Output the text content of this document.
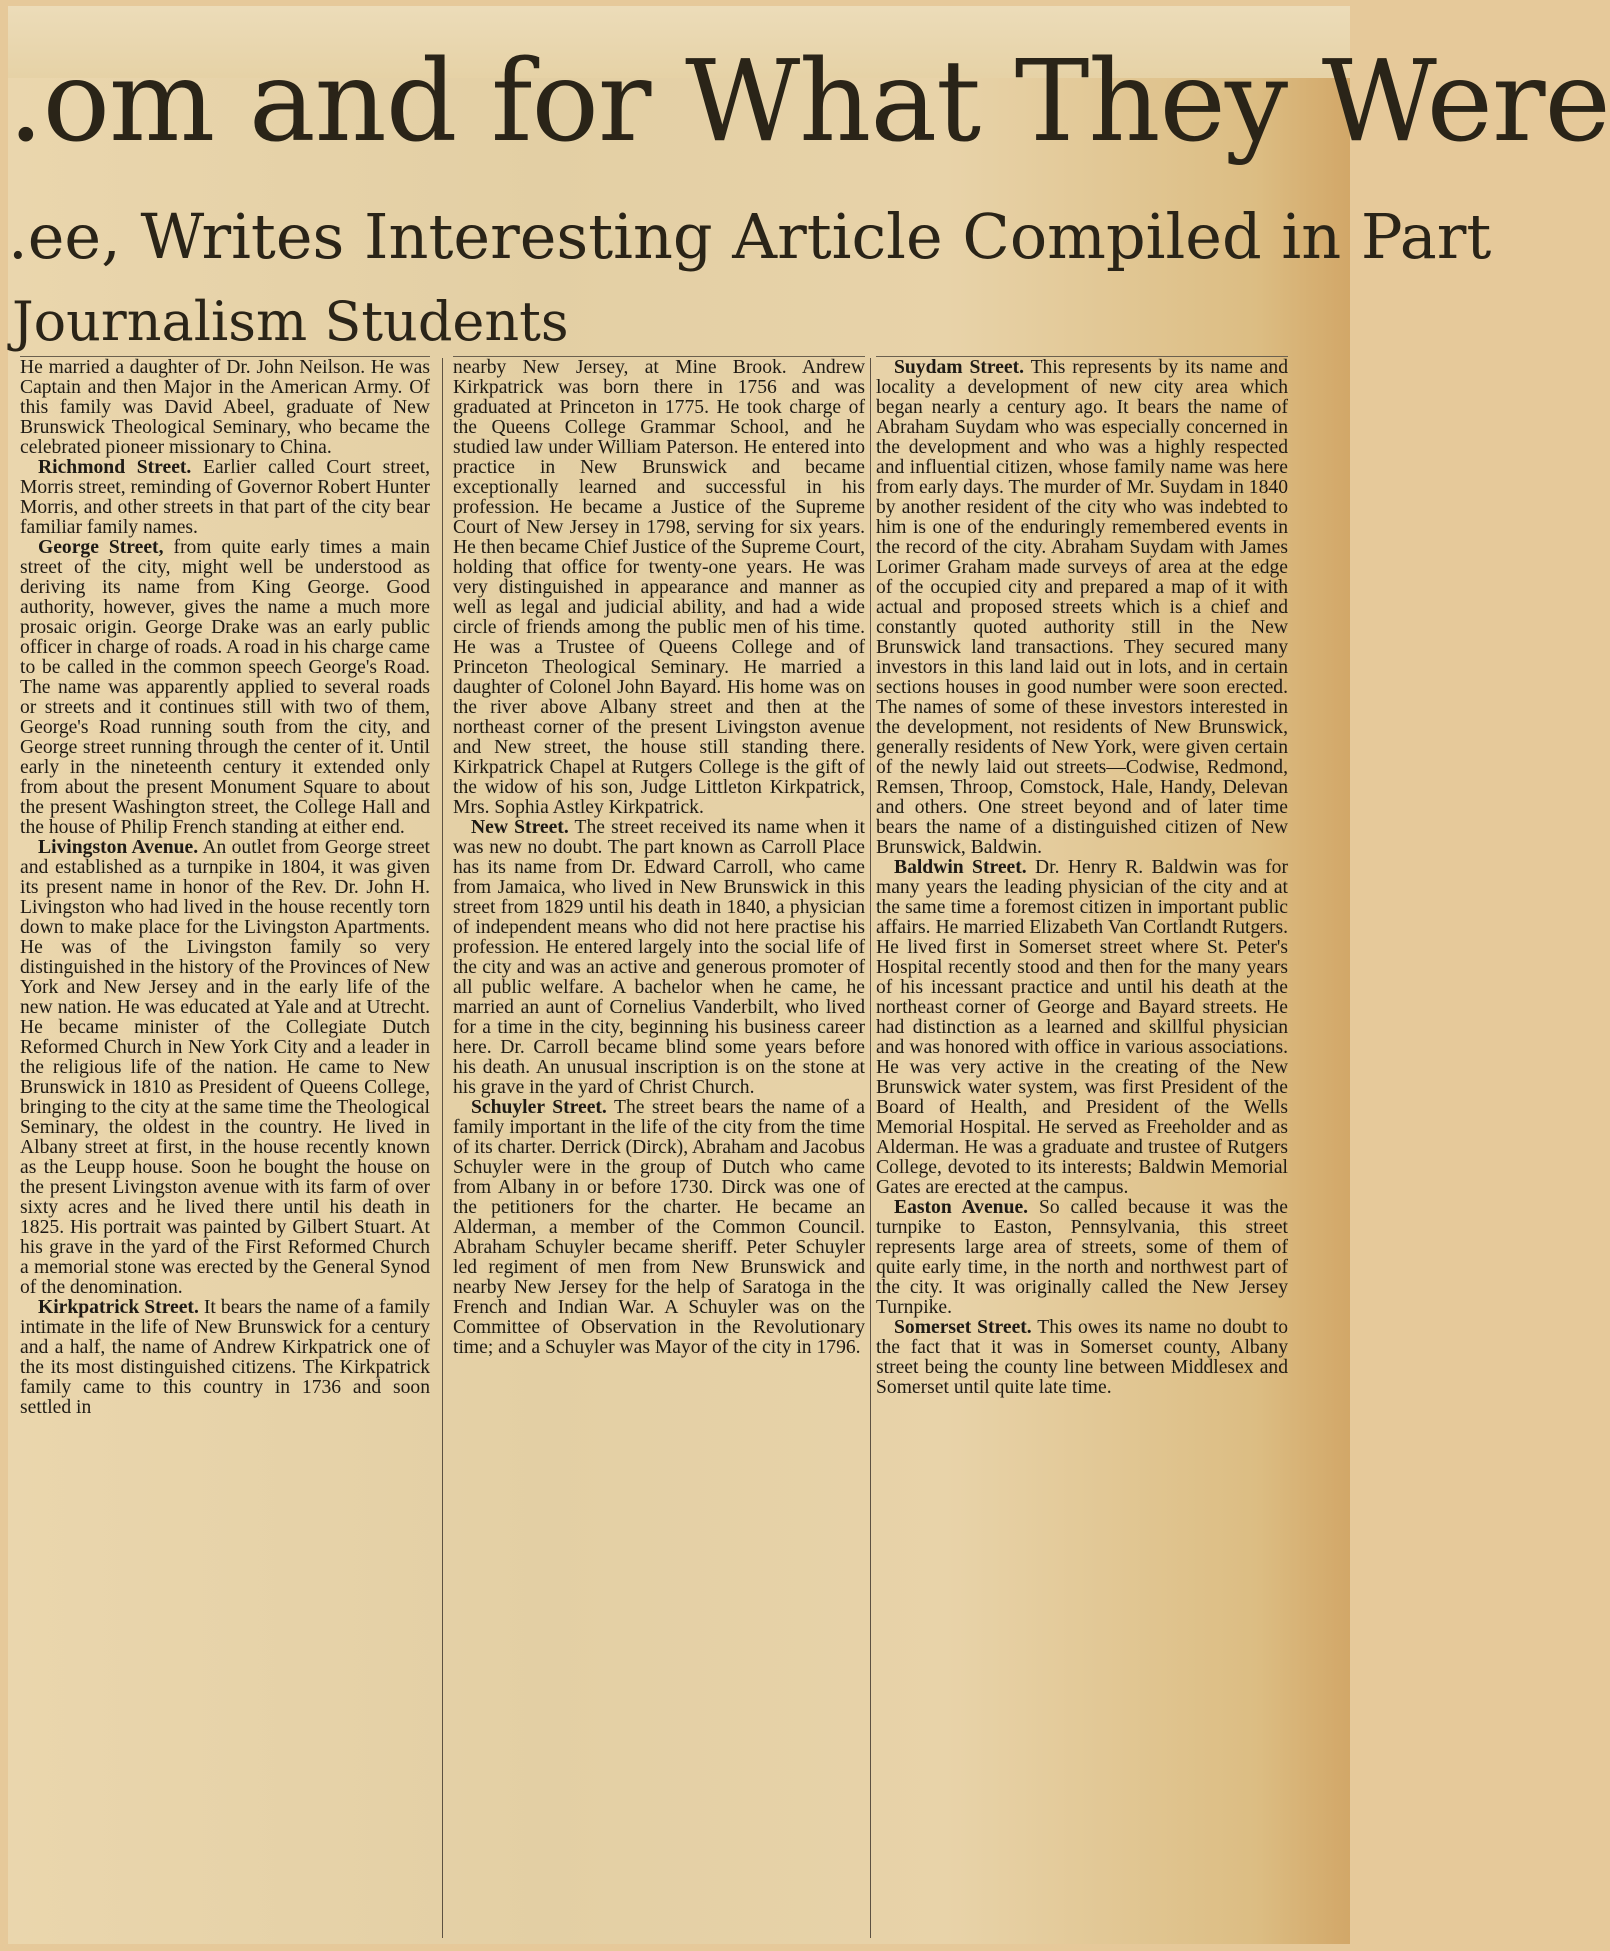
.om and for What They Were
.ee, Writes Interesting Article Compiled in Part
Journalism Students

He married a daughter of Dr. John Neilson. He was Captain and then Major in the American Army. Of this family was David Abeel, graduate of New Brunswick Theological Seminary, who became the celebrated pioneer missionary to China.

Richmond Street. Earlier called Court street, Morris street, reminding of Governor Robert Hunter Morris, and other streets in that part of the city bear familiar family names.

George Street, from quite early times a main street of the city, might well be understood as deriving its name from King George. Good authority, however, gives the name a much more prosaic origin. George Drake was an early public officer in charge of roads. A road in his charge came to be called in the common speech George's Road. The name was apparently applied to several roads or streets and it continues still with two of them, George's Road running south from the city, and George street running through the center of it. Until early in the nineteenth century it extended only from about the present Monument Square to about the present Washington street, the College Hall and the house of Philip French standing at either end.

Livingston Avenue. An outlet from George street and established as a turnpike in 1804, it was given its present name in honor of the Rev. Dr. John H. Livingston who had lived in the house recently torn down to make place for the Livingston Apartments. He was of the Livingston family so very distinguished in the history of the Provinces of New York and New Jersey and in the early life of the new nation. He was educated at Yale and at Utrecht. He became minister of the Collegiate Dutch Reformed Church in New York City and a leader in the religious life of the nation. He came to New Brunswick in 1810 as President of Queens College, bringing to the city at the same time the Theological Seminary, the oldest in the country. He lived in Albany street at first, in the house recently known as the Leupp house. Soon he bought the house on the present Livingston avenue with its farm of over sixty acres and he lived there until his death in 1825. His portrait was painted by Gilbert Stuart. At his grave in the yard of the First Reformed Church a memorial stone was erected by the General Synod of the denomination.

Kirkpatrick Street. It bears the name of a family intimate in the life of New Brunswick for a century and a half, the name of Andrew Kirkpatrick one of the its most distinguished citizens. The Kirkpatrick family came to this country in 1736 and soon settled in

nearby New Jersey, at Mine Brook. Andrew Kirkpatrick was born there in 1756 and was graduated at Princeton in 1775. He took charge of the Queens College Grammar School, and he studied law under William Paterson. He entered into practice in New Brunswick and became exceptionally learned and successful in his profession. He became a Justice of the Supreme Court of New Jersey in 1798, serving for six years. He then became Chief Justice of the Supreme Court, holding that office for twenty-one years. He was very distinguished in appearance and manner as well as legal and judicial ability, and had a wide circle of friends among the public men of his time. He was a Trustee of Queens College and of Princeton Theological Seminary. He married a daughter of Colonel John Bayard. His home was on the river above Albany street and then at the northeast corner of the present Livingston avenue and New street, the house still standing there. Kirkpatrick Chapel at Rutgers College is the gift of the widow of his son, Judge Littleton Kirkpatrick, Mrs. Sophia Astley Kirkpatrick.

New Street. The street received its name when it was new no doubt. The part known as Carroll Place has its name from Dr. Edward Carroll, who came from Jamaica, who lived in New Brunswick in this street from 1829 until his death in 1840, a physician of independent means who did not here practise his profession. He entered largely into the social life of the city and was an active and generous promoter of all public welfare. A bachelor when he came, he married an aunt of Cornelius Vanderbilt, who lived for a time in the city, beginning his business career here. Dr. Carroll became blind some years before his death. An unusual inscription is on the stone at his grave in the yard of Christ Church.

Schuyler Street. The street bears the name of a family important in the life of the city from the time of its charter. Derrick (Dirck), Abraham and Jacobus Schuyler were in the group of Dutch who came from Albany in or before 1730. Dirck was one of the petitioners for the charter. He became an Alderman, a member of the Common Council. Abraham Schuyler became sheriff. Peter Schuyler led regiment of men from New Brunswick and nearby New Jersey for the help of Saratoga in the French and Indian War. A Schuyler was on the Committee of Observation in the Revolutionary time; and a Schuyler was Mayor of the city in 1796.

Suydam Street. This represents by its name and locality a development of new city area which began nearly a century ago. It bears the name of Abraham Suydam who was especially concerned in the development and who was a highly respected and influential citizen, whose family name was here from early days. The murder of Mr. Suydam in 1840 by another resident of the city who was indebted to him is one of the enduringly remembered events in the record of the city. Abraham Suydam with James Lorimer Graham made surveys of area at the edge of the occupied city and prepared a map of it with actual and proposed streets which is a chief and constantly quoted authority still in the New Brunswick land transactions. They secured many investors in this land laid out in lots, and in certain sections houses in good number were soon erected. The names of some of these investors interested in the development, not residents of New Brunswick, generally residents of New York, were given certain of the newly laid out streets—Codwise, Redmond, Remsen, Throop, Comstock, Hale, Handy, Delevan and others. One street beyond and of later time bears the name of a distinguished citizen of New Brunswick, Baldwin.

Baldwin Street. Dr. Henry R. Baldwin was for many years the leading physician of the city and at the same time a foremost citizen in important public affairs. He married Elizabeth Van Cortlandt Rutgers. He lived first in Somerset street where St. Peter's Hospital recently stood and then for the many years of his incessant practice and until his death at the northeast corner of George and Bayard streets. He had distinction as a learned and skillful physician and was honored with office in various associations. He was very active in the creating of the New Brunswick water system, was first President of the Board of Health, and President of the Wells Memorial Hospital. He served as Freeholder and as Alderman. He was a graduate and trustee of Rutgers College, devoted to its interests; Baldwin Memorial Gates are erected at the campus.

Easton Avenue. So called because it was the turnpike to Easton, Pennsylvania, this street represents large area of streets, some of them of quite early time, in the north and northwest part of the city. It was originally called the New Jersey Turnpike.

Somerset Street. This owes its name no doubt to the fact that it was in Somerset county, Albany street being the county line between Middlesex and Somerset until quite late time.
